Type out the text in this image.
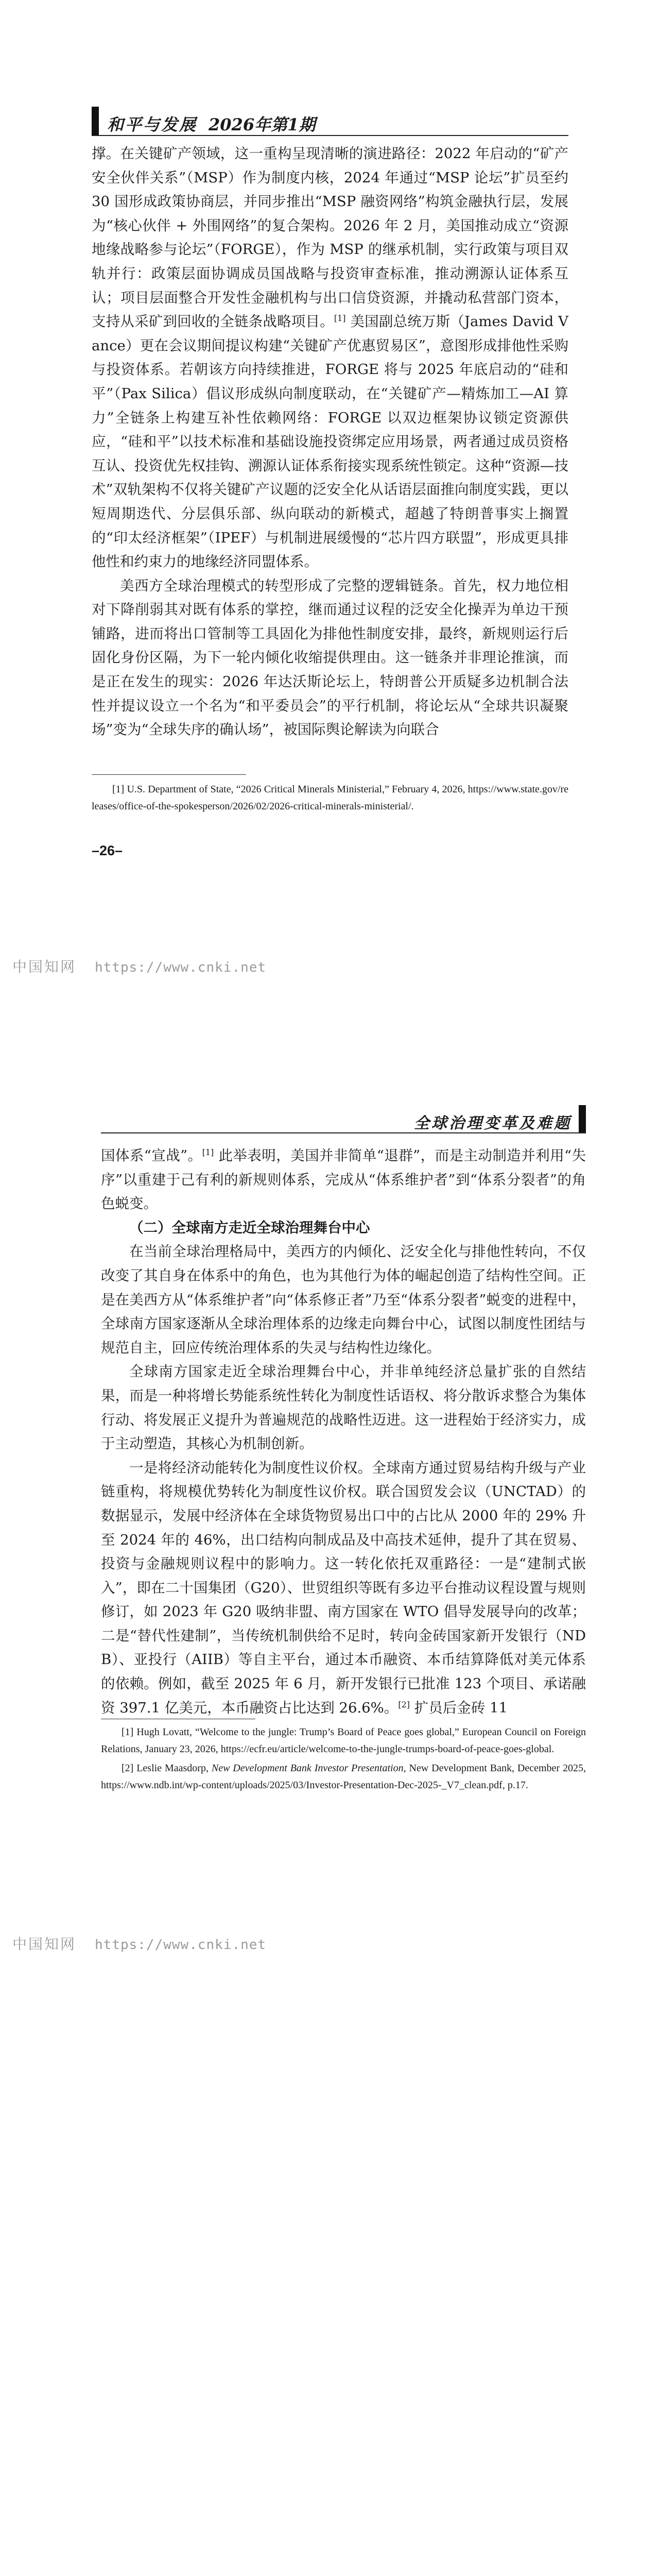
和平与发展 2026年第1期

撑。在关键矿产领域，这一重构呈现清晰的演进路径：2022 年启动的“矿产安全伙伴关系”（MSP）作为制度内核，2024 年通过“MSP 论坛”扩员至约 30 国形成政策协商层，并同步推出“MSP 融资网络”构筑金融执行层，发展为“核心伙伴 + 外围网络”的复合架构。2026 年 2 月，美国推动成立“资源地缘战略参与论坛”（FORGE），作为 MSP 的继承机制，实行政策与项目双轨并行：政策层面协调成员国战略与投资审查标准，推动溯源认证体系互认；项目层面整合开发性金融机构与出口信贷资源，并撬动私营部门资本，支持从采矿到回收的全链条战略项目。[1] 美国副总统万斯（James David Vance）更在会议期间提议构建“关键矿产优惠贸易区”，意图形成排他性采购与投资体系。若朝该方向持续推进，FORGE 将与 2025 年底启动的“硅和平”（Pax Silica）倡议形成纵向制度联动，在“关键矿产—精炼加工—AI 算力”全链条上构建互补性依赖网络：FORGE 以双边框架协议锁定资源供应，“硅和平”以技术标准和基础设施投资绑定应用场景，两者通过成员资格互认、投资优先权挂钩、溯源认证体系衔接实现系统性锁定。这种“资源—技术”双轨架构不仅将关键矿产议题的泛安全化从话语层面推向制度实践，更以短周期迭代、分层俱乐部、纵向联动的新模式，超越了特朗普事实上搁置的“印太经济框架”（IPEF）与机制进展缓慢的“芯片四方联盟”，形成更具排他性和约束力的地缘经济同盟体系。

美西方全球治理模式的转型形成了完整的逻辑链条。首先，权力地位相对下降削弱其对既有体系的掌控，继而通过议程的泛安全化操弄为单边干预铺路，进而将出口管制等工具固化为排他性制度安排，最终，新规则运行后固化身份区隔，为下一轮内倾化收缩提供理由。这一链条并非理论推演，而是正在发生的现实：2026 年达沃斯论坛上，特朗普公开质疑多边机制合法性并提议设立一个名为“和平委员会”的平行机制，将论坛从“全球共识凝聚场”变为“全球失序的确认场”，被国际舆论解读为向联合

[1] U.S. Department of State, “2026 Critical Minerals Ministerial,” February 4, 2026, https://www.state.gov/releases/office-of-the-spokesperson/2026/02/2026-critical-minerals-ministerial/.

–26–
中国知网 https://www.cnki.net
全球治理变革及难题

国体系“宣战”。[1] 此举表明，美国并非简单“退群”，而是主动制造并利用“失序”以重建于己有利的新规则体系，完成从“体系维护者”到“体系分裂者”的角色蜕变。

（二）全球南方走近全球治理舞台中心

在当前全球治理格局中，美西方的内倾化、泛安全化与排他性转向，不仅改变了其自身在体系中的角色，也为其他行为体的崛起创造了结构性空间。正是在美西方从“体系维护者”向“体系修正者”乃至“体系分裂者”蜕变的进程中，全球南方国家逐渐从全球治理体系的边缘走向舞台中心，试图以制度性团结与规范自主，回应传统治理体系的失灵与结构性边缘化。

全球南方国家走近全球治理舞台中心，并非单纯经济总量扩张的自然结果，而是一种将增长势能系统性转化为制度性话语权、将分散诉求整合为集体行动、将发展正义提升为普遍规范的战略性迈进。这一进程始于经济实力，成于主动塑造，其核心为机制创新。

一是将经济动能转化为制度性议价权。全球南方通过贸易结构升级与产业链重构，将规模优势转化为制度性议价权。联合国贸发会议（UNCTAD）的数据显示，发展中经济体在全球货物贸易出口中的占比从 2000 年的 29% 升至 2024 年的 46%，出口结构向制成品及中高技术延伸，提升了其在贸易、投资与金融规则议程中的影响力。这一转化依托双重路径：一是“建制式嵌入”，即在二十国集团（G20）、世贸组织等既有多边平台推动议程设置与规则修订，如 2023 年 G20 吸纳非盟、南方国家在 WTO 倡导发展导向的改革；二是“替代性建制”，当传统机制供给不足时，转向金砖国家新开发银行（NDB）、亚投行（AIIB）等自主平台，通过本币融资、本币结算降低对美元体系的依赖。例如，截至 2025 年 6 月，新开发银行已批准 123 个项目、承诺融资 397.1 亿美元，本币融资占比达到 26.6%。[2] 扩员后金砖 11

[1] Hugh Lovatt, “Welcome to the jungle: Trump’s Board of Peace goes global,” European Council on Foreign Relations, January 23, 2026, https://ecfr.eu/article/welcome-to-the-jungle-trumps-board-of-peace-goes-global.

[2] Leslie Maasdorp, New Development Bank Investor Presentation, New Development Bank, December 2025, https://www.ndb.int/wp-content/uploads/2025/03/Investor-Presentation-Dec-2025-_V7_clean.pdf, p.17.

中国知网 https://www.cnki.net
